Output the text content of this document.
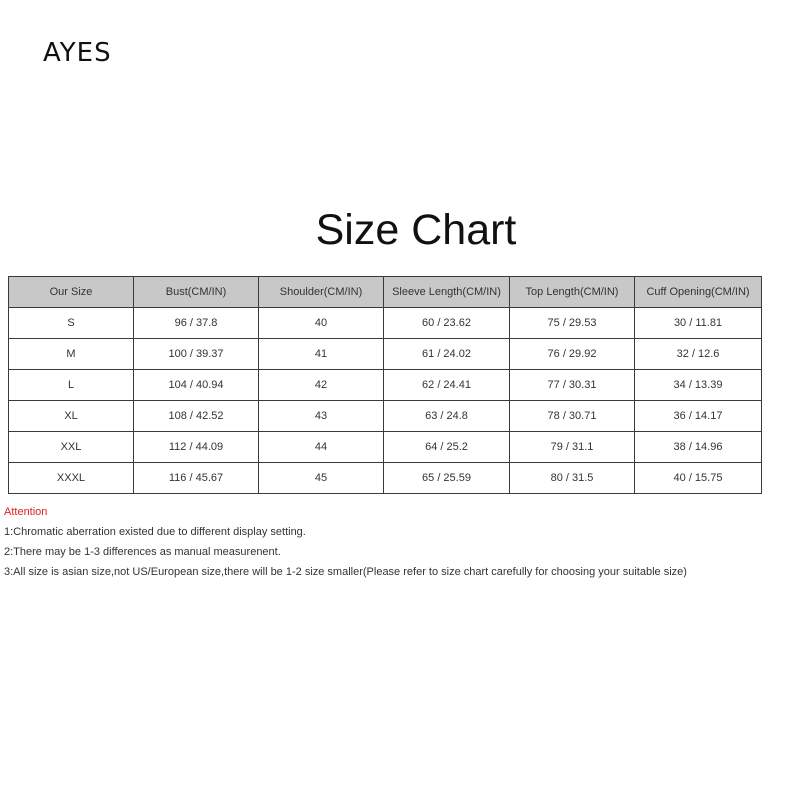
AYES
Size Chart
Our Size	Bust(CM/IN)	Shoulder(CM/IN)	Sleeve Length(CM/IN)	Top Length(CM/IN)	Cuff Opening(CM/IN)
S	96 / 37.8	40	60 / 23.62	75 / 29.53	30 / 11.81
M	100 / 39.37	41	61 / 24.02	76 / 29.92	32 / 12.6
L	104 / 40.94	42	62 / 24.41	77 / 30.31	34 / 13.39
XL	108 / 42.52	43	63 / 24.8	78 / 30.71	36 / 14.17
XXL	112 / 44.09	44	64 / 25.2	79 / 31.1	38 / 14.96
XXXL	116 / 45.67	45	65 / 25.59	80 / 31.5	40 / 15.75
Attention
1:Chromatic aberration existed due to different display setting.
2:There may be 1-3 differences as manual measurenent.
3:All size is asian size,not US/European size,there will be 1-2 size smaller(Please refer to size chart carefully for choosing your suitable size)
